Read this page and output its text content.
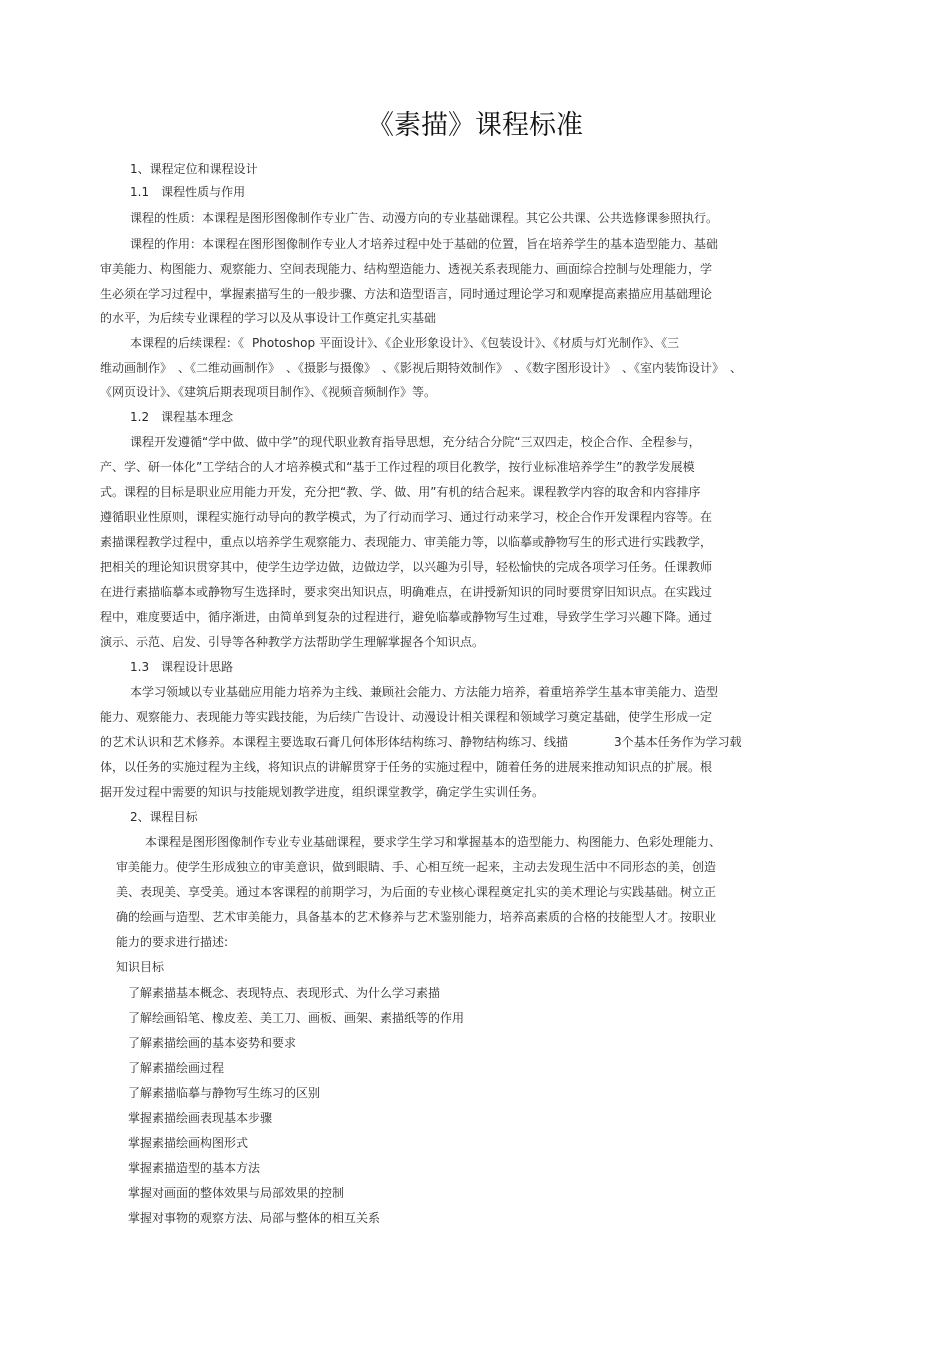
《素描》课程标准
1、课程定位和课程设计
1.1　课程性质与作用
课程的性质：本课程是图形图像制作专业广告、动漫方向的专业基础课程。其它公共课、公共选修课参照执行。
课程的作用：本课程在图形图像制作专业人才培养过程中处于基础的位置，旨在培养学生的基本造型能力、基础
审美能力、构图能力、观察能力、空间表现能力、结构塑造能力、透视关系表现能力、画面综合控制与处理能力，学
生必须在学习过程中，掌握素描写生的一般步骤、方法和造型语言，同时通过理论学习和观摩提高素描应用基础理论
的水平，为后续专业课程的学习以及从事设计工作奠定扎实基础
本课程的后续课程：《 Photoshop 平面设计》、《企业形象设计》、《包装设计》、《材质与灯光制作》、《三
维动画制作》　、《二维动画制作》　、《摄影与摄像》　、《影视后期特效制作》　、《数字图形设计》　、《室内装饰设计》　、
《网页设计》、《建筑后期表现项目制作》、《视频音频制作》等。
1.2　课程基本理念
课程开发遵循“学中做、做中学”的现代职业教育指导思想，充分结合分院“三双四走，校企合作、全程参与，
产、学、研一体化”工学结合的人才培养模式和“基于工作过程的项目化教学，按行业标准培养学生”的教学发展模
式。课程的目标是职业应用能力开发，充分把“教、学、做、用”有机的结合起来。课程教学内容的取舍和内容排序
遵循职业性原则，课程实施行动导向的教学模式，为了行动而学习、通过行动来学习，校企合作开发课程内容等。在
素描课程教学过程中，重点以培养学生观察能力、表现能力、审美能力等，以临摹或静物写生的形式进行实践教学，
把相关的理论知识贯穿其中，使学生边学边做，边做边学，以兴趣为引导，轻松愉快的完成各项学习任务。任课教师
在进行素描临摹本或静物写生选择时，要求突出知识点，明确难点，在讲授新知识的同时要贯穿旧知识点。在实践过
程中，难度要适中，循序渐进，由简单到复杂的过程进行，避免临摹或静物写生过难，导致学生学习兴趣下降。通过
演示、示范、启发、引导等各种教学方法帮助学生理解掌握各个知识点。
1.3　课程设计思路
本学习领域以专业基础应用能力培养为主线、兼顾社会能力、方法能力培养，着重培养学生基本审美能力、造型
能力、观察能力、表现能力等实践技能，为后续广告设计、动漫设计相关课程和领域学习奠定基础，使学生形成一定
的艺术认识和艺术修养。本课程主要选取石膏几何体形体结构练习、静物结构练习、线描	3个基本任务作为学习载
体，以任务的实施过程为主线，将知识点的讲解贯穿于任务的实施过程中，随着任务的进展来推动知识点的扩展。根
据开发过程中需要的知识与技能规划教学进度，组织课堂教学，确定学生实训任务。
2、课程目标
本课程是图形图像制作专业专业基础课程，要求学生学习和掌握基本的造型能力、构图能力、色彩处理能力、
审美能力。使学生形成独立的审美意识，做到眼睛、手、心相互统一起来，主动去发现生活中不同形态的美，创造
美、表现美、享受美。通过本客课程的前期学习，为后面的专业核心课程奠定扎实的美术理论与实践基础。树立正
确的绘画与造型、艺术审美能力，具备基本的艺术修养与艺术鉴别能力，培养高素质的合格的技能型人才。按职业
能力的要求进行描述:
知识目标
了解素描基本概念、表现特点、表现形式、为什么学习素描
了解绘画铅笔、橡皮差、美工刀、画板、画架、素描纸等的作用
了解素描绘画的基本姿势和要求
了解素描绘画过程
了解素描临摹与静物写生练习的区别
掌握素描绘画表现基本步骤
掌握素描绘画构图形式
掌握素描造型的基本方法
掌握对画面的整体效果与局部效果的控制
掌握对事物的观察方法、局部与整体的相互关系
